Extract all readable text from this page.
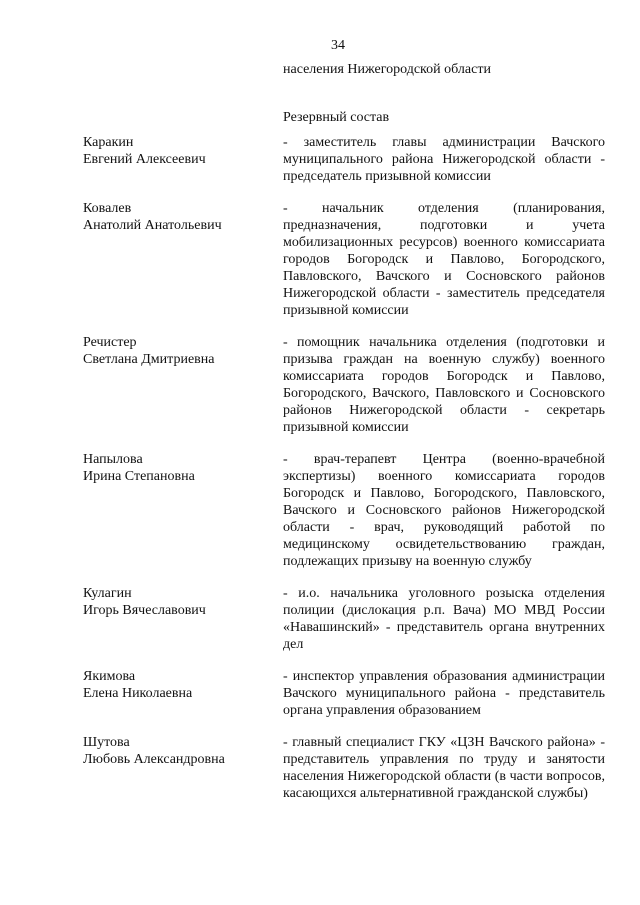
34
населения Нижегородской области
Резервный состав
Каракин
Евгений Алексеевич
- заместитель главы администрации Вачского муниципального района Нижегородской области - председатель призывной комиссии
Ковалев
Анатолий Анатольевич
- начальник отделения (планирования, предназначения, подготовки и учета мобилизационных ресурсов) военного комиссариата городов Богородск и Павлово, Богородского, Павловского, Вачского и Сосновского районов Нижегородской области - заместитель председателя призывной комиссии
Речистер
Светлана Дмитриевна
- помощник начальника отделения (подготовки и призыва граждан на военную службу) военного комиссариата городов Богородск и Павлово, Богородского, Вачского, Павловского и Сосновского районов Нижегородской области - секретарь призывной комиссии
Напылова
Ирина Степановна
- врач-терапевт Центра (военно-врачебной экспертизы) военного комиссариата городов Богородск и Павлово, Богородского, Павловского, Вачского и Сосновского районов Нижегородской области - врач, руководящий работой по медицинскому освидетельствованию граждан, подлежащих призыву на военную службу
Кулагин
Игорь Вячеславович
- и.о. начальника уголовного розыска отделения полиции (дислокация р.п. Вача) МО МВД России «Навашинский» - представитель органа внутренних дел
Якимова
Елена Николаевна
- инспектор управления образования администрации Вачского муниципального района - представитель органа управления образованием
Шутова
Любовь Александровна
- главный специалист ГКУ «ЦЗН Вачского района» - представитель управления по труду и занятости населения Нижегородской области (в части вопросов, касающихся альтернативной гражданской службы)
